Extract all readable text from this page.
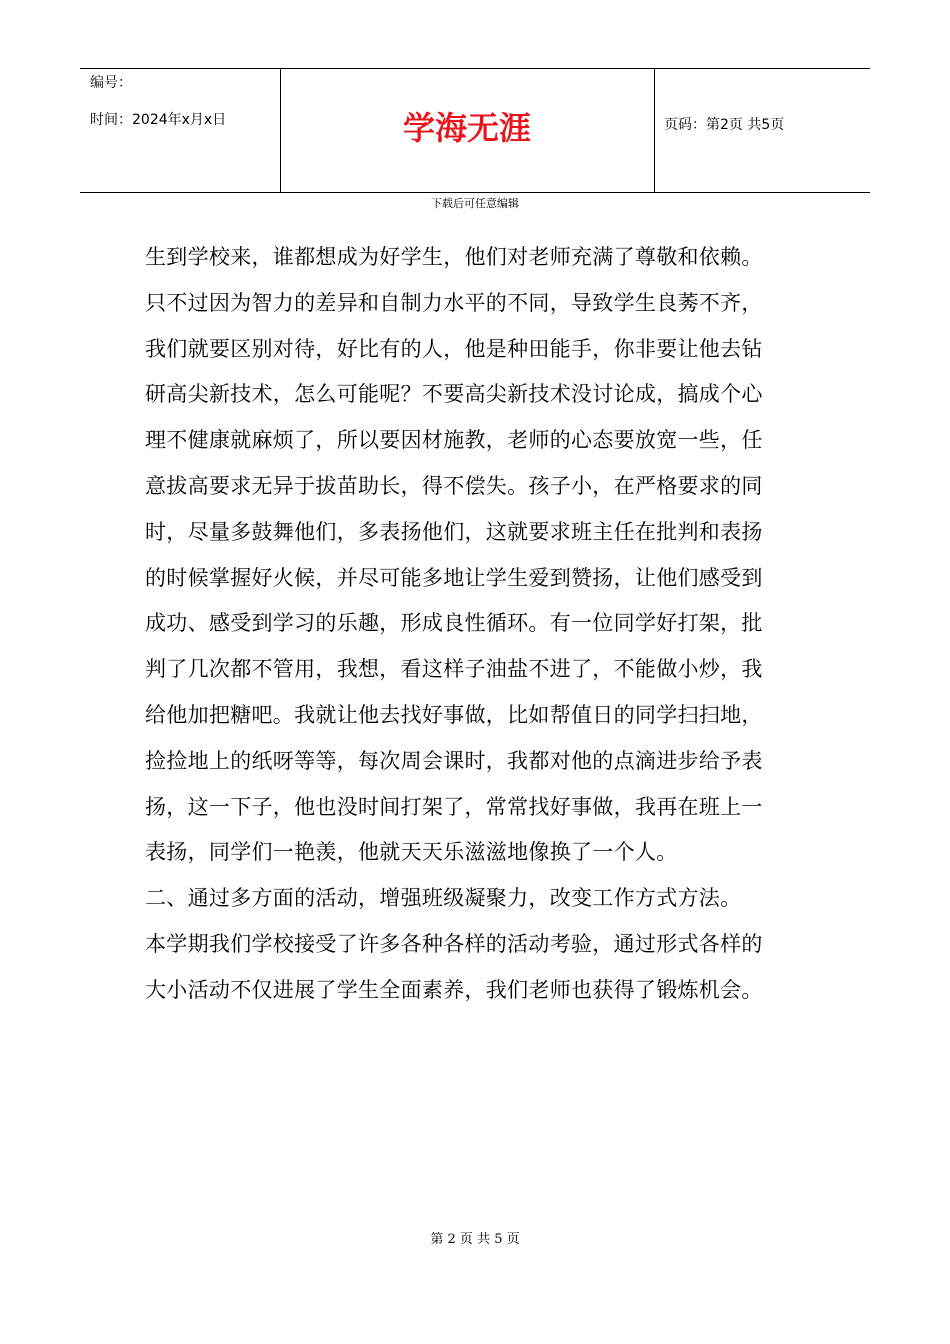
编号：
时间：2024年x月x日	学海无涯	页码：第2页 共5页
下载后可任意编辑
生到学校来，谁都想成为好学生，他们对老师充满了尊敬和依赖。
只不过因为智力的差异和自制力水平的不同，导致学生良莠不齐，
我们就要区别对待，好比有的人，他是种田能手，你非要让他去钻
研高尖新技术，怎么可能呢？不要高尖新技术没讨论成，搞成个心
理不健康就麻烦了，所以要因材施教，老师的心态要放宽一些，任
意拔高要求无异于拔苗助长，得不偿失。孩子小，在严格要求的同
时，尽量多鼓舞他们，多表扬他们，这就要求班主任在批判和表扬
的时候掌握好火候，并尽可能多地让学生爱到赞扬，让他们感受到
成功、感受到学习的乐趣，形成良性循环。有一位同学好打架，批
判了几次都不管用，我想，看这样子油盐不进了，不能做小炒，我
给他加把糖吧。我就让他去找好事做，比如帮值日的同学扫扫地，
捡捡地上的纸呀等等，每次周会课时，我都对他的点滴进步给予表
扬，这一下子，他也没时间打架了，常常找好事做，我再在班上一
表扬，同学们一艳羡，他就天天乐滋滋地像换了一个人。
二、通过多方面的活动，增强班级凝聚力，改变工作方式方法。
本学期我们学校接受了许多各种各样的活动考验，通过形式各样的
大小活动不仅进展了学生全面素养，我们老师也获得了锻炼机会。
第 2 页 共 5 页
